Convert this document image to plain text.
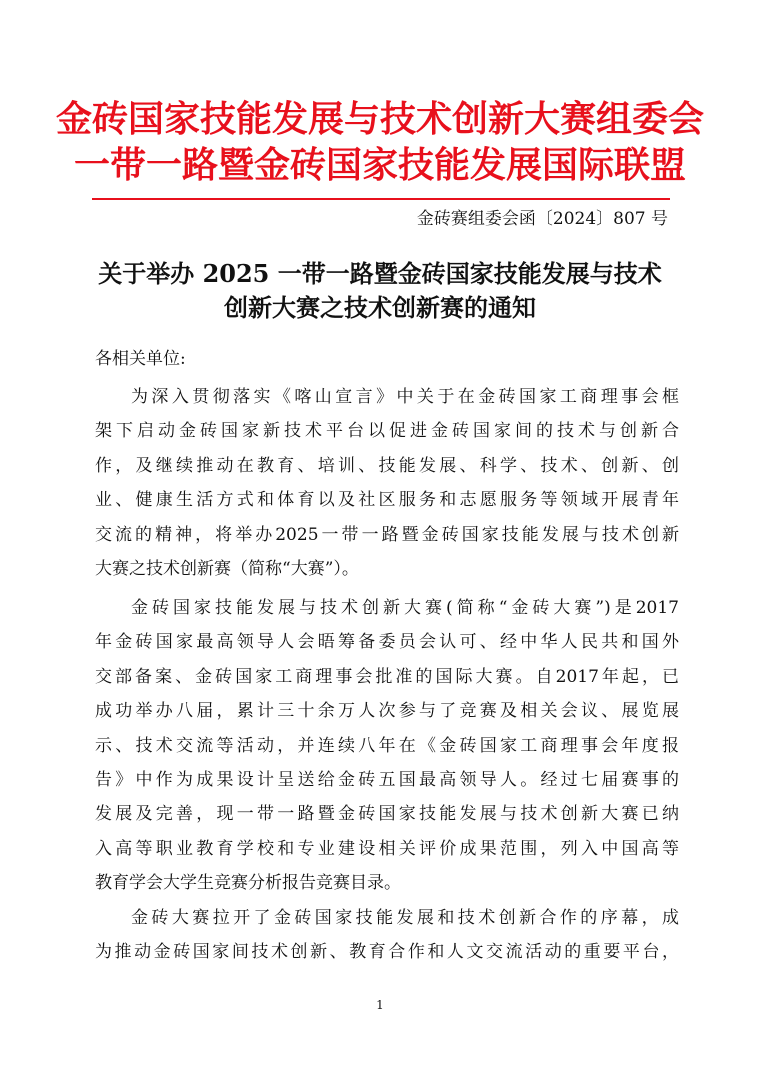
金砖国家技能发展与技术创新大赛组委会
一带一路暨金砖国家技能发展国际联盟
金砖赛组委会函〔2024〕807 号
关于举办 2025 一带一路暨金砖国家技能发展与技术
创新大赛之技术创新赛的通知
各相关单位:
为深入贯彻落实《喀山宣言》中关于在金砖国家工商理事会框
架下启动金砖国家新技术平台以促进金砖国家间的技术与创新合
作，及继续推动在教育、培训、技能发展、科学、技术、创新、创
业、健康生活方式和体育以及社区服务和志愿服务等领域开展青年
交流的精神，将举办2025一带一路暨金砖国家技能发展与技术创新
大赛之技术创新赛（简称“大赛”）。
金砖国家技能发展与技术创新大赛(简称“金砖大赛”)是2017
年金砖国家最高领导人会晤筹备委员会认可、经中华人民共和国外
交部备案、金砖国家工商理事会批准的国际大赛。自2017年起，已
成功举办八届，累计三十余万人次参与了竞赛及相关会议、展览展
示、技术交流等活动，并连续八年在《金砖国家工商理事会年度报
告》中作为成果设计呈送给金砖五国最高领导人。经过七届赛事的
发展及完善，现一带一路暨金砖国家技能发展与技术创新大赛已纳
入高等职业教育学校和专业建设相关评价成果范围，列入中国高等
教育学会大学生竞赛分析报告竞赛目录。
金砖大赛拉开了金砖国家技能发展和技术创新合作的序幕，成
为推动金砖国家间技术创新、教育合作和人文交流活动的重要平台，
1
